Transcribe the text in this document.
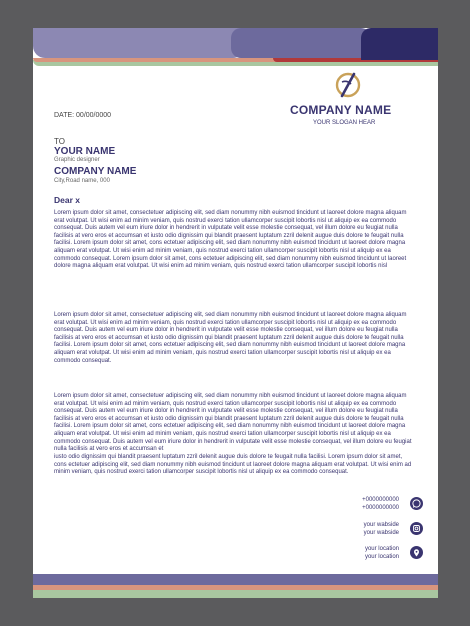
COMPANY NAME
YOUR SLOGAN HEAR
DATE: 00/00/0000
TO
YOUR NAME
Graphic designer
COMPANY NAME
City,Road name, 000
Dear x
Lorem ipsum dolor sit amet, consectetuer adipiscing elit, sed diam nonummy nibh euismod tincidunt ut laoreet dolore magna aliquam erat volutpat. Ut wisi enim ad minim veniam, quis nostrud exerci tation ullamcorper suscipit lobortis nisl ut aliquip ex ea commodo consequat. Duis autem vel eum iriure dolor in hendrerit in vulputate velit esse molestie consequat, vel illum dolore eu feugiat nulla facilisis at vero eros et accumsan et iusto odio dignissim qui blandit praesent luptatum zzril delenit augue duis dolore te feugait nulla facilisi. Lorem ipsum dolor sit amet, cons ectetuer adipiscing elit, sed diam nonummy nibh euismod tincidunt ut laoreet dolore magna aliquam erat volutpat. Ut wisi enim ad minim veniam, quis nostrud exerci tation ullamcorper suscipit lobortis nisl ut aliquip ex ea commodo consequat. Lorem ipsum dolor sit amet, cons ectetuer adipiscing elit, sed diam nonummy nibh euismod tincidunt ut laoreet dolore magna aliquam erat volutpat. Ut wisi enim ad minim veniam, quis nostrud exerci tation ullamcorper suscipit lobortis nisl
Lorem ipsum dolor sit amet, consectetuer adipiscing elit, sed diam nonummy nibh euismod tincidunt ut laoreet dolore magna aliquam erat volutpat. Ut wisi enim ad minim veniam, quis nostrud exerci tation ullamcorper suscipit lobortis nisl ut aliquip ex ea commodo consequat. Duis autem vel eum iriure dolor in hendrerit in vulputate velit esse molestie consequat, vel illum dolore eu feugiat nulla facilisis at vero eros et accumsan et iusto odio dignissim qui blandit praesent luptatum zzril delenit augue duis dolore te feugait nulla facilisi. Lorem ipsum dolor sit amet, cons ectetuer adipiscing elit, sed diam nonummy nibh euismod tincidunt ut laoreet dolore magna aliquam erat volutpat. Ut wisi enim ad minim veniam, quis nostrud exerci tation ullamcorper suscipit lobortis nisl ut aliquip ex ea commodo consequat.
Lorem ipsum dolor sit amet, consectetuer adipiscing elit, sed diam nonummy nibh euismod tincidunt ut laoreet dolore magna aliquam erat volutpat. Ut wisi enim ad minim veniam, quis nostrud exerci tation ullamcorper suscipit lobortis nisl ut aliquip ex ea commodo consequat. Duis autem vel eum iriure dolor in hendrerit in vulputate velit esse molestie consequat, vel illum dolore eu feugiat nulla facilisis at vero eros et accumsan et iusto odio dignissim qui blandit praesent luptatum zzril delenit augue duis dolore te feugait nulla facilisi. Lorem ipsum dolor sit amet, cons ectetuer adipiscing elit, sed diam nonummy nibh euismod tincidunt ut laoreet dolore magna aliquam erat volutpat. Ut wisi enim ad minim veniam, quis nostrud exerci tation ullamcorper suscipit lobortis nisl ut aliquip ex ea commodo consequat. Duis autem vel eum iriure dolor in hendrerit in vulputate velit esse molestie consequat, vel illum dolore eu feugiat nulla facilisis at vero eros et accumsan et
iusto odio dignissim qui blandit praesent luptatum zzril delenit augue duis dolore te feugait nulla facilisi. Lorem ipsum dolor sit amet, cons ectetuer adipiscing elit, sed diam nonummy nibh euismod tincidunt ut laoreet dolore magna aliquam erat volutpat. Ut wisi enim ad minim veniam, quis nostrud exerci tation ullamcorper suscipit lobortis nisl ut aliquip ex ea commodo consequat.
+0000000000
+0000000000
your wabside
your wabside
your location
your location
